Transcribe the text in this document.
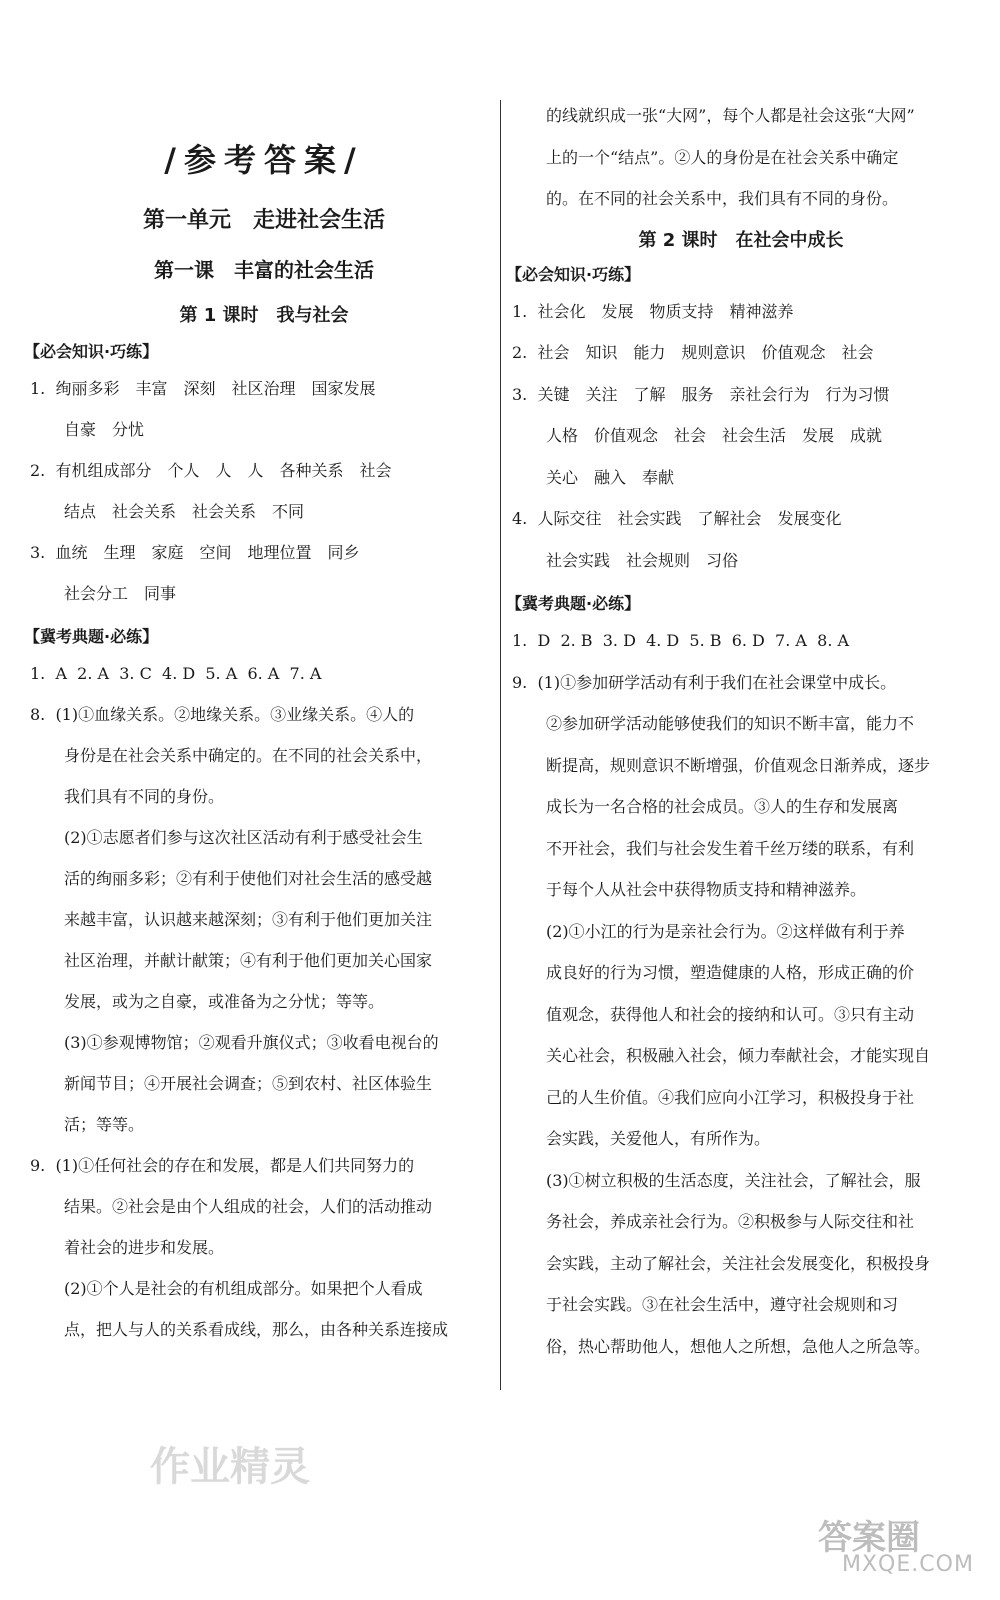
/参考答案/
第一单元　走进社会生活
第一课　丰富的社会生活
第 1 课时　我与社会
【必会知识·巧练】
1.  绚丽多彩　丰富　深刻　社区治理　国家发展
自豪　分忧
2.  有机组成部分　个人　人　人　各种关系　社会
结点　社会关系　社会关系　不同
3.  血统　生理　家庭　空间　地理位置　同乡
社会分工　同事
【冀考典题·必练】
1.  A  2. A  3. C  4. D  5. A  6. A  7. A
8.  (1)①血缘关系。②地缘关系。③业缘关系。④人的
身份是在社会关系中确定的。在不同的社会关系中，
我们具有不同的身份。
(2)①志愿者们参与这次社区活动有利于感受社会生
活的绚丽多彩；②有利于使他们对社会生活的感受越
来越丰富，认识越来越深刻；③有利于他们更加关注
社区治理，并献计献策；④有利于他们更加关心国家
发展，或为之自豪，或准备为之分忧；等等。
(3)①参观博物馆；②观看升旗仪式；③收看电视台的
新闻节目；④开展社会调查；⑤到农村、社区体验生
活；等等。
9.  (1)①任何社会的存在和发展，都是人们共同努力的
结果。②社会是由个人组成的社会，人们的活动推动
着社会的进步和发展。
(2)①个人是社会的有机组成部分。如果把个人看成
点，把人与人的关系看成线，那么，由各种关系连接成
的线就织成一张“大网”，每个人都是社会这张“大网”
上的一个“结点”。②人的身份是在社会关系中确定
的。在不同的社会关系中，我们具有不同的身份。
第 2 课时　在社会中成长
【必会知识·巧练】
1.  社会化　发展　物质支持　精神滋养
2.  社会　知识　能力　规则意识　价值观念　社会
3.  关键　关注　了解　服务　亲社会行为　行为习惯
人格　价值观念　社会　社会生活　发展　成就
关心　融入　奉献
4.  人际交往　社会实践　了解社会　发展变化
社会实践　社会规则　习俗
【冀考典题·必练】
1.  D  2. B  3. D  4. D  5. B  6. D  7. A  8. A
9.  (1)①参加研学活动有利于我们在社会课堂中成长。
②参加研学活动能够使我们的知识不断丰富，能力不
断提高，规则意识不断增强，价值观念日渐养成，逐步
成长为一名合格的社会成员。③人的生存和发展离
不开社会，我们与社会发生着千丝万缕的联系，有利
于每个人从社会中获得物质支持和精神滋养。
(2)①小江的行为是亲社会行为。②这样做有利于养
成良好的行为习惯，塑造健康的人格，形成正确的价
值观念，获得他人和社会的接纳和认可。③只有主动
关心社会，积极融入社会，倾力奉献社会，才能实现自
己的人生价值。④我们应向小江学习，积极投身于社
会实践，关爱他人，有所作为。
(3)①树立积极的生活态度，关注社会，了解社会，服
务社会，养成亲社会行为。②积极参与人际交往和社
会实践，主动了解社会，关注社会发展变化，积极投身
于社会实践。③在社会生活中，遵守社会规则和习
俗，热心帮助他人，想他人之所想，急他人之所急等。
作业精灵
答案圈
MXQE.COM
